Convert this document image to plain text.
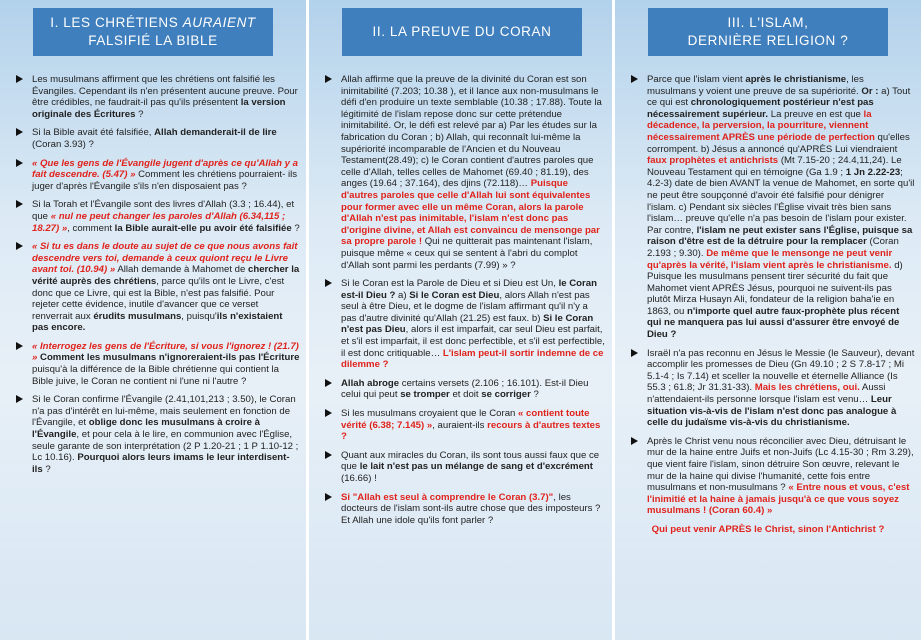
I. LES CHRÉTIENS AURAIENT
FALSIFIÉ LA BIBLE
Les musulmans affirment que les chrétiens ont falsifié les Évangiles. Cependant ils n'en présentent aucune preuve. Pour être crédibles, ne faudrait-il pas qu'ils présentent la version originale des Écritures ?
Si la Bible avait été falsifiée, Allah demanderait-il de lire (Coran 3.93) ?
« Que les gens de l'Évangile jugent d'après ce qu'Allah y a fait descendre. (5.47) » Comment les chrétiens pourraient- ils juger d'après l'Évangile s'ils n'en disposaient pas ?
Si la Torah et l'Évangile sont des livres d'Allah (3.3 ; 16.44), et que « nul ne peut changer les paroles d'Allah (6.34,115 ; 18.27) », comment la Bible aurait-elle pu avoir été falsifiée ?
« Si tu es dans le doute au sujet de ce que nous avons fait descendre vers toi, demande à ceux quiont reçu le Livre avant toi. (10.94) » Allah demande à Mahomet de chercher la vérité auprès des chrétiens, parce qu'ils ont le Livre, c'est donc que ce Livre, qui est la Bible, n'est pas falsifié. Pour rejeter cette évidence, inutile d'avancer que ce verset renverrait aux érudits musulmans, puisqu'ils n'existaient pas encore.
« Interrogez les gens de l'Écriture, si vous l'ignorez ! (21.7) » Comment les musulmans n'ignoreraient-ils pas l'Écriture puisqu'à la différence de la Bible chrétienne qui contient la Bible juive, le Coran ne contient ni l'une ni l'autre ?
Si le Coran confirme l'Évangile (2.41,101,213 ; 3.50), le Coran n'a pas d'intérêt en lui-même, mais seulement en fonction de l'Évangile, et oblige donc les musulmans à croire à l'Évangile, et pour cela à le lire, en communion avec l'Église, seule garante de son interprétation (2 P 1.20-21 ; 1 P 1.10-12 ; Lc 10.16). Pourquoi alors leurs imams le leur interdisent-ils ?
II. LA PREUVE DU CORAN
Allah affirme que la preuve de la divinité du Coran est son inimitabilité (7.203; 10.38 ), et il lance aux non-musulmans le défi d'en produire un texte semblable (10.38 ; 17.88). Toute la légitimité de l'islam repose donc sur cette prétendue inimitabilité. Or, le défi est relevé par a) Par les études sur la fabrication du Coran ; b) Allah, qui reconnaît lui-même la supériorité incomparable de l'Ancien et du Nouveau Testament(28.49); c) le Coran contient d'autres paroles que celle d'Allah, telles celles de Mahomet (69.40 ; 81.19), des anges (19.64 ; 37.164), des djins (72.118)… Puisque d'autres paroles que celle d'Allah lui sont équivalentes pour former avec elle un même Coran, alors la parole d'Allah n'est pas inimitable, l'islam n'est donc pas d'origine divine, et Allah est convaincu de mensonge par sa propre parole ! Qui ne quitterait pas maintenant l'islam, puisque même « ceux qui se sentent à l'abri du complot d'Allah sont parmi les perdants (7.99) » ?
Si le Coran est la Parole de Dieu et si Dieu est Un, le Coran est-il Dieu ? a) Si le Coran est Dieu, alors Allah n'est pas seul à être Dieu, et le dogme de l'islam affirmant qu'il n'y a pas d'autre divinité qu'Allah (21.25) est faux. b) Si le Coran n'est pas Dieu, alors il est imparfait, car seul Dieu est parfait, et s'il est imparfait, il est donc perfectible, et s'il est perfectible, il est donc critiquable… L'islam peut-il sortir indemne de ce dilemme ?
Allah abroge certains versets (2.106 ; 16.101). Est-il Dieu celui qui peut se tromper et doit se corriger ?
Si les musulmans croyaient que le Coran « contient toute vérité (6.38; 7.145) », auraient-ils recours à d'autres textes ?
Quant aux miracles du Coran, ils sont tous aussi faux que ce que le lait n'est pas un mélange de sang et d'excrément (16.66) !
Si "Allah est seul à comprendre le Coran (3.7)", les docteurs de l'islam sont-ils autre chose que des imposteurs ? Et Allah une idole qu'ils font parler ?
III. L'ISLAM,
DERNIÈRE RELIGION ?
Parce que l'islam vient après le christianisme, les musulmans y voient une preuve de sa supériorité. Or : a) Tout ce qui est chronologiquement postérieur n'est pas nécessairement supérieur. La preuve en est que la décadence, la perversion, la pourriture, viennent nécessairement APRÈS une période de perfection qu'elles corrompent. b) Jésus a annoncé qu'APRÈS Lui viendraient faux prophètes et antichrists (Mt 7.15-20 ; 24.4,11,24). Le Nouveau Testament qui en témoigne (Ga 1.9 ; 1 Jn 2.22-23; 4.2-3) date de bien AVANT la venue de Mahomet, en sorte qu'il ne peut être soupçonné d'avoir été falsifié pour dénigrer l'islam. c) Pendant six siècles l'Église vivait très bien sans l'islam… preuve qu'elle n'a pas besoin de l'islam pour exister. Par contre, l'islam ne peut exister sans l'Église, puisque sa raison d'être est de la détruire pour la remplacer (Coran 2.193 ; 9.30). De même que le mensonge ne peut venir qu'après la vérité, l'islam vient après le christianisme. d) Puisque les musulmans pensent tirer sécurité du fait que Mahomet vient APRÈS Jésus, pourquoi ne suivent-ils pas plutôt Mirza Husayn Ali, fondateur de la religion baha'ie en 1863, ou n'importe quel autre faux-prophète plus récent qui ne manquera pas lui aussi d'assurer être envoyé de Dieu ?
Israël n'a pas reconnu en Jésus le Messie (le Sauveur), devant accomplir les promesses de Dieu (Gn 49.10 ; 2 S 7.8-17 ; Mi 5.1-4 ; Is 7.14) et sceller la nouvelle et éternelle Alliance (Is 55.3 ; 61.8; Jr 31.31-33). Mais les chrétiens, oui. Aussi n'attendaient-ils personne lorsque l'islam est venu… Leur situation vis-à-vis de l'islam n'est donc pas analogue à celle du judaïsme vis-à-vis du christianisme.
Après le Christ venu nous réconcilier avec Dieu, détruisant le mur de la haine entre Juifs et non-Juifs (Lc 4.15-30 ; Rm 3.29), que vient faire l'islam, sinon détruire Son œuvre, relevant le mur de la haine qui divise l'humanité, cette fois entre musulmans et non-musulmans ? « Entre nous et vous, c'est l'inimitié et la haine à jamais jusqu'à ce que vous soyez musulmans ! (Coran 60.4) »
Qui peut venir APRÈS le Christ, sinon l'Antichrist ?
